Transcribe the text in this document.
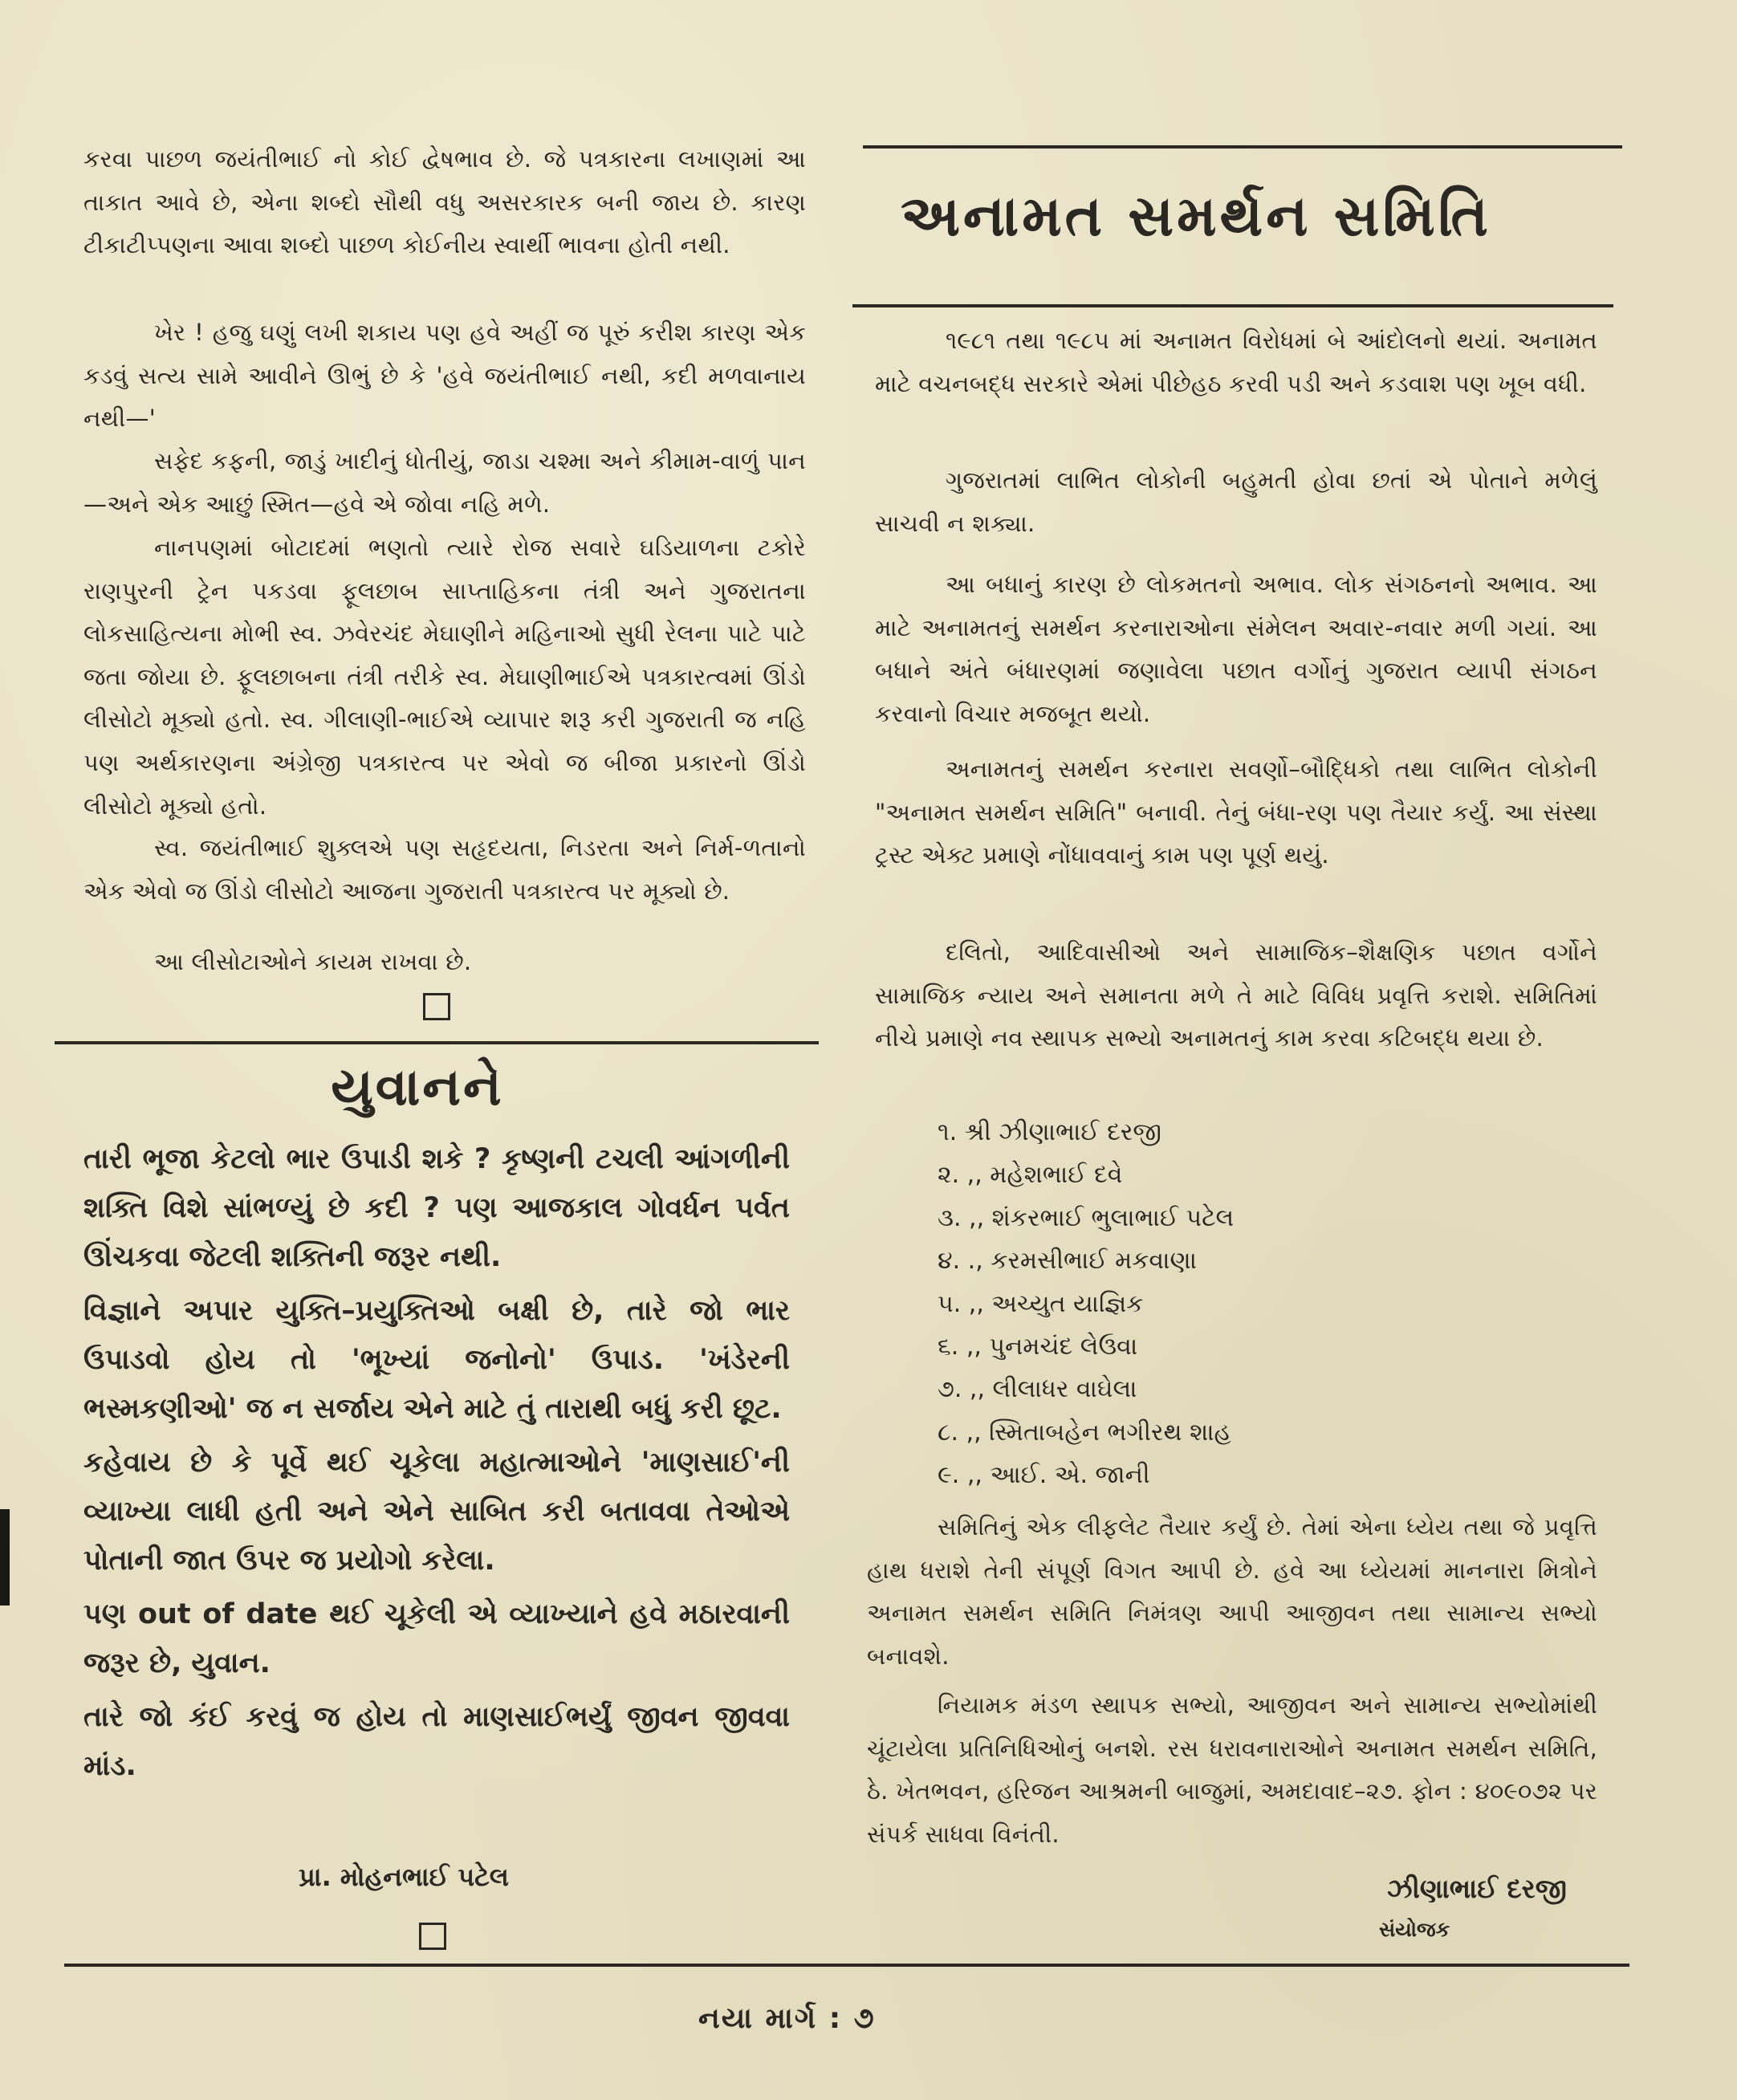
કરવા પાછળ જયંતીભાઈ નો કોઈ દ્વેષભાવ છે. જે પત્રકારના લખાણમાં આ તાકાત આવે છે, એના શબ્દો સૌથી વધુ અસરકારક બની જાય છે. કારણ ટીકાટીપ્પણના આવા શબ્દો પાછળ કોઈનીય સ્વાર્થી ભાવના હોતી નથી.

ખેર ! હજુ ઘણું લખી શકાય પણ હવે અહીં જ પૂરું કરીશ કારણ એક કડવું સત્ય સામે આવીને ઊભું છે કે 'હવે જયંતીભાઈ નથી, કદી મળવાનાય નથી—'

સફેદ કફની, જાડું ખાદીનું ધોતીયું, જાડા ચશ્મા અને કીમામ-વાળું પાન—અને એક આછું સ્મિત—હવે એ જોવા નહિ મળે.

નાનપણમાં બોટાદમાં ભણતો ત્યારે રોજ સવારે ઘડિયાળના ટકોરે રાણપુરની ટ્રેન પકડવા ફૂલછાબ સાપ્તાહિકના તંત્રી અને ગુજરાતના લોકસાહિત્યના મોભી સ્વ. ઝવેરચંદ મેઘાણીને મહિનાઓ સુધી રેલના પાટે પાટે જતા જોયા છે. ફૂલછાબના તંત્રી તરીકે સ્વ. મેઘાણીભાઈએ પત્રકારત્વમાં ઊંડો લીસોટો મૂક્યો હતો. સ્વ. ગીલાણી-ભાઈએ વ્યાપાર શરૂ કરી ગુજરાતી જ નહિ પણ અર્થકારણના અંગ્રેજી પત્રકારત્વ પર એવો જ બીજા પ્રકારનો ઊંડો લીસોટો મૂક્યો હતો.

સ્વ. જયંતીભાઈ શુક્લએ પણ સહૃદયતા, નિડરતા અને નિર્મ-ળતાનો એક એવો જ ઊંડો લીસોટો આજના ગુજરાતી પત્રકારત્વ પર મૂક્યો છે.

આ લીસોટાઓને કાયમ રાખવા છે.

યુવાનને

તારી ભૂજા કેટલો ભાર ઉપાડી શકે ? કૃષ્ણની ટચલી આંગળીની શક્તિ વિશે સાંભળ્યું છે કદી ? પણ આજકાલ ગોવર્ધન પર્વત ઊંચકવા જેટલી શક્તિની જરૂર નથી.

વિજ્ઞાને અપાર યુક્તિ–પ્રયુક્તિઓ બક્ષી છે, તારે જો ભાર ઉપાડવો હોય તો 'ભૂખ્યાં જનોનો' ઉપાડ. 'ખંડેરની ભસ્મકણીઓ' જ ન સર્જાય એને માટે તું તારાથી બધું કરી છૂટ.

કહેવાય છે કે પૂર્વે થઈ ચૂકેલા મહાત્માઓને 'માણસાઈ'ની વ્યાખ્યા લાધી હતી અને એને સાબિત કરી બતાવવા તેઓએ પોતાની જાત ઉપર જ પ્રયોગો કરેલા.

પણ out of date થઈ ચૂકેલી એ વ્યાખ્યાને હવે મઠારવાની જરૂર છે, યુવાન.

તારે જો કંઈ કરવું જ હોય તો માણસાઈભર્યું જીવન જીવવા માંડ.

પ્રા. મોહનભાઈ પટેલ
અનામત સમર્થન સમિતિ

૧૯૮૧ તથા ૧૯૮૫ માં અનામત વિરોધમાં બે આંદોલનો થયાં. અનામત માટે વચનબદ્ધ સરકારે એમાં પીછેહઠ કરવી પડી અને કડવાશ પણ ખૂબ વધી.

ગુજરાતમાં લાભિત લોકોની બહુમતી હોવા છતાં એ પોતાને મળેલું સાચવી ન શક્યા.

આ બધાનું કારણ છે લોકમતનો અભાવ. લોક સંગઠનનો અભાવ. આ માટે અનામતનું સમર્થન કરનારાઓના સંમેલન અવાર-નવાર મળી ગયાં. આ બધાને અંતે બંધારણમાં જણાવેલા પછાત વર્ગોનું ગુજરાત વ્યાપી સંગઠન કરવાનો વિચાર મજબૂત થયો.

અનામતનું સમર્થન કરનારા સવર્ણો–બૌદ્ધિકો તથા લાભિત લોકોની "અનામત સમર્થન સમિતિ" બનાવી. તેનું બંધા-રણ પણ તૈયાર કર્યું. આ સંસ્થા ટ્રસ્ટ એક્ટ પ્રમાણે નોંધાવવાનું કામ પણ પૂર્ણ થયું.

દલિતો, આદિવાસીઓ અને સામાજિક–શૈક્ષણિક પછાત વર્ગોને સામાજિક ન્યાય અને સમાનતા મળે તે માટે વિવિધ પ્રવૃત્તિ કરાશે. સમિતિમાં નીચે પ્રમાણે નવ સ્થાપક સભ્યો અનામતનું કામ કરવા કટિબદ્ધ થયા છે.

૧. શ્રી ઝીણાભાઈ દરજી
૨. ,, મહેશભાઈ દવે
૩. ,, શંકરભાઈ ભુલાભાઈ પટેલ
૪. ., કરમસીભાઈ મકવાણા
૫. ,, અચ્યુત યાજ્ઞિક
૬. ,, પુનમચંદ લેઉવા
૭. ,, લીલાધર વાઘેલા
૮. ,, સ્મિતાબહેન ભગીરથ શાહ
૯. ,, આઈ. એ. જાની

સમિતિનું એક લીફલેટ તૈયાર કર્યું છે. તેમાં એના ધ્યેય તથા જે પ્રવૃત્તિ હાથ ધરાશે તેની સંપૂર્ણ વિગત આપી છે. હવે આ ધ્યેયમાં માનનારા મિત્રોને અનામત સમર્થન સમિતિ નિમંત્રણ આપી આજીવન તથા સામાન્ય સભ્યો બનાવશે.

નિયામક મંડળ સ્થાપક સભ્યો, આજીવન અને સામાન્ય સભ્યોમાંથી ચૂંટાયેલા પ્રતિનિધિઓનું બનશે. રસ ધરાવનારાઓને અનામત સમર્થન સમિતિ, ઠે. ખેતભવન, હરિજન આશ્રમની બાજુમાં, અમદાવાદ–૨૭. ફોન : ૪૦૯૦૭૨ પર સંપર્ક સાધવા વિનંતી.

ઝીણાભાઈ દરજી
સંયોજક
નયા માર્ગ : ૭
